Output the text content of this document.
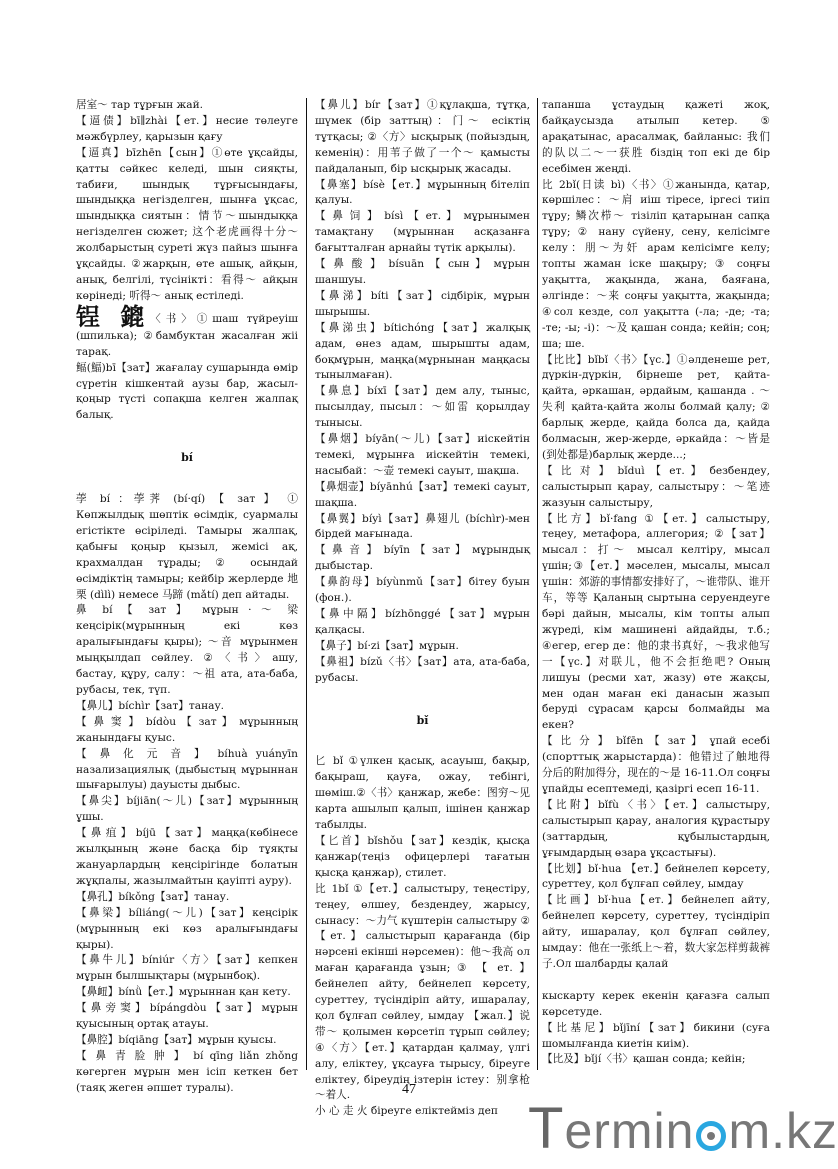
居室～ тар тұрғын жай.

【逼债】bī∥zhài【ет.】несие төлеуге мәжбүрлеу, қарызын қағу

【逼真】bīzhēn【сын】①өте ұқсайды, қатты сәйкес келеді, шын сияқты, табиғи, шындық тұрғысындағы, шындыққа негізделген, шынға ұқсас, шындыққа сиятын：情节～шындыққа негізделген сюжет; 这个老虎画得十分～ жолбарыстың суреті жүз пайыз шынға ұқсайды. ②жарқын, өте ашық, айқын, анық, белгілі, түсінікті：看得～ айқын көрінеді; 听得～ анық естіледі.

锃 鎞〈书〉①шаш түйреуіш (шпилька); ②бамбуктан жасалған жіі тарақ.

鲾(鰏)bī【зат】жағалау сушарында өмір сүретін кішкентай аузы бар, жасыл-қоңыр түсті сопақша келген жалпақ балық.

bí

荸 bí ：荸荠 (bí·qí) 【 зат 】 ① Көпжылдық шөптік өсімдік, суармалы егістікте өсіріледі. Тамыры жалпақ, қабығы қоңыр қызыл, жемісі ақ, крахмалдан тұрады; ② осындай өсімдіктің тамыры; кейбір жерлерде 地栗 (dìlì) немесе 马蹄 (mǎtí) деп айтады.

鼻 bí 【 зат 】 мұрын · ～ 梁 кеңсірік(мұрынның екі көз аралығындағы қыры); ～音 мұрынмен мыңқылдап сөйлеу. ②〈书〉ашу, бастау, құру, салу：～祖 ата, ата-баба, рубасы, тек, түп.

【鼻儿】bíchìr【зат】танау.

【 鼻 窦 】 bídòu 【 зат 】 мұрынның жанындағы қуыс.

【 鼻 化 元 音 】 bíhuà yuányīn назализациялық (дыбыстың мұрыннан шығарылуы) дауысты дыбыс.

【鼻尖】bíjiān(～儿)【зат】мұрынның ұшы.

【 鼻 疽 】 bíjū 【 зат 】 маңқа(көбінесе жылқының және басқа бір тұяқты жануарлардың кеңсірігінде болатын жұқпалы, жазылмайтын қауіпті ауру).

【鼻孔】bíkǒng【зат】танау.

【鼻梁】bíliáng(～儿)【зат】кеңсірік (мұрынның екі көз аралығындағы қыры).

【鼻牛儿】bíniúr〈方〉【зат】кепкен мұрын былшықтары (мұрынбоқ).

【鼻衄】bínǜ【ет.】мұрыннан қан кету.

【 鼻 旁 窦 】 bípángdòu 【 зат 】 мұрын қуысының ортақ атауы.

【鼻腔】bíqiāng【зат】мұрын қуысы.

【 鼻 青 脸 肿 】 bí qīng liǎn zhǒng көгерген мұрын мен ісіп кеткен бет (таяқ жеген әпшет туралы).

【鼻儿】bír【зат】①құлақша, тұтқа, шүмек (бір заттың)：门～ есіктің тұтқасы; ②〈方〉ысқырық (пойыздың, кеменің)：用苇子做了一个～ қамысты пайдаланып, бір ысқырық жасады.

【鼻塞】bísè【ет.】мұрынның бітеліп қалуы.

【 鼻 饲 】 bísì 【 ет. 】 мұрынымен тамақтану (мұрыннан асқазанға бағытталған арнайы түтік арқылы).

【 鼻 酸 】 bísuān 【 сын 】 мұрын шаншуы.

【鼻涕】bíti【зат】сідбірік, мұрын шырышы.

【鼻涕虫】bítichóng【зат】жалқық адам, өнез адам, шырышты адам, боқмұрын, маңқа(мұрнынан маңқасы тынылмаған).

【鼻息】bíxī【зат】дем алу, тыныс, пысылдау, пысыл：～如雷 қорылдау тынысы.

【鼻烟】bíyān(～儿)【зат】иіскейтін темекі, мұрынға иіскейтін темекі, насыбай：～壶 темекі сауыт, шақша.

【鼻烟壶】bíyānhú【зат】темекі сауыт, шақша.

【鼻翼】bíyì【зат】鼻翅儿 (bíchìr)-мен бірдей мағынада.

【 鼻 音 】 bíyīn 【 зат 】 мұрындық дыбыстар.

【鼻韵母】bíyùnmǔ【зат】бітеу буын (фон.).

【鼻中隔】bízhōnggé【зат】мұрын қалқасы.

【鼻子】bí·zi【зат】мұрын.

【鼻祖】bízǔ〈书〉【зат】ата, ата-баба, рубасы.

bǐ

匕 bǐ ①үлкен қасық, асауыш, бақыр, бақыраш, қауға, ожау, тебінгі, шөміш.②〈书〉қанжар, жебе：图穷～见 карта ашылып қалып, ішінен қанжар табылды.

【匕首】bǐshǒu【зат】кездік, қысқа қанжар(теңіз офицерлері тағатын қысқа қанжар), стилет.

比 1bǐ ①【ет.】салыстыру, теңестіру, теңеу, өлшеу, бездендеу, жарысу, сынасу：～力气 күштерін салыстыру ②【ет.】салыстырып қарағанда (бір нәрсені екінші нәрсемен)：他～我高 ол маған қарағанда ұзын; ③ 【 ет. 】 бейнелеп айту, бейнелеп көрсету, суреттеу, түсіндіріп айту, ишаралау, қол бұлғап сөйлеу, ымдау 【жал.】说带～ қолымен көрсетіп тұрып сөйлеу; ④〈方〉【ет.】қатардан қалмау, үлгі алу, еліктеу, ұқсауға тырысу, біреуге еліктеу, біреудің ізтерін істеу：别拿枪～着人.

小 心 走 火 біреуге еліктейміз деп

тапанша ұстаудың қажеті жоқ, байқаусызда атылып кетер. ⑤ арақатынас, арасалмақ, байланыс: 我们的队以二～一获胜 біздің топ екі де бір есебімен жеңді.

比 2bǐ(日读 bì)〈书〉①жанында, қатар, көршілес：～肩 иіш тіресе, іргесі тиіп тұру; 鳞次栉～ тізіліп қатарынан сапқа тұру; ② нану сүйену, сену, келісімге келу：朋～为奸 арам келісімге келу; топты жаман іске шақыру; ③ соңғы уақытта, жақында, жана, баяғана, әлгінде：～来 соңғы уақытта, жақында; ④сол кезде, сол уақытта (-ла; -де; -та; -те; -ы; -і)：～及 қашан сонда; кейін; соң; ша; ше.

【比比】bǐbǐ〈书〉【үс.】①әлденеше рет, дүркін-дүркін, бірнеше рет, қайта-қайта, әркашан, әрдайым, қашанда . ～失利 қайта-қайта жолы болмай қалу; ② барлық жерде, қайда болса да, қайда болмасын, жер-жерде, әркайда：～皆是 (到处都是)барлық жерде...;

【 比 对 】 bǐduì 【 ет. 】 безбендеу, салыстырып қарау, салыстыру：～笔迹 жазуын салыстыру,

【比方】bǐ·fang ①【ет.】салыстыру, теңеу, метафора, аллегория; ②【зат】мысал：打～ мысал келтіру, мысал үшін;③【ет.】мәселен, мысалы, мысал үшін：郊游的事情都安排好了，～谁带队、谁开车，等等 Қаланың сыртына серуендеуге бәрі дайын, мысалы, кім топты алып жүреді, кім машинені айдайды, т.б.; ④егер, егер де：他的隶书真好，～我求他写一【үс.】对联儿，他不会拒绝吧? Оның лишуы (ресми хат, жазу) өте жақсы, мен одан маған екі данасын жазып беруді сұрасам қарсы болмайды ма екен?

【 比 分 】 bǐfēn 【 зат 】 ұпай есебі (спорттық жарыстарда)：他错过了触地得分后的附加得分，现在的～是 16-11.Ол соңғы ұпайды есептемеді, қазіргі есеп 16-11.

【比附】bǐfù〈书〉【ет.】салыстыру, салыстырып қарау, аналогия құрастыру (заттардың, құбылыстардың, ұғымдардың өзара ұқсастығы).

【比划】bǐ·hua 【ет.】бейнелеп көрсету, суреттеу, қол бұлғап сөйлеу, ымдау

【比画】bǐ·hua【ет.】бейнелеп айту, бейнелеп көрсету, суреттеу, түсіндіріп айту, ишаралау, қол бұлғап сөйлеу, ымдау：他在一张纸上～着，数大家怎样剪裁裤子.Ол шалбарды қалай

кыскарту керек екенін қағазға салып көрсетуде.

【比基尼】bǐjīní【зат】бикини (суға шомылғанда киетін киім).

【比及】bǐjí〈书〉қашан сонда; кейін;

47
Termin m.kz
